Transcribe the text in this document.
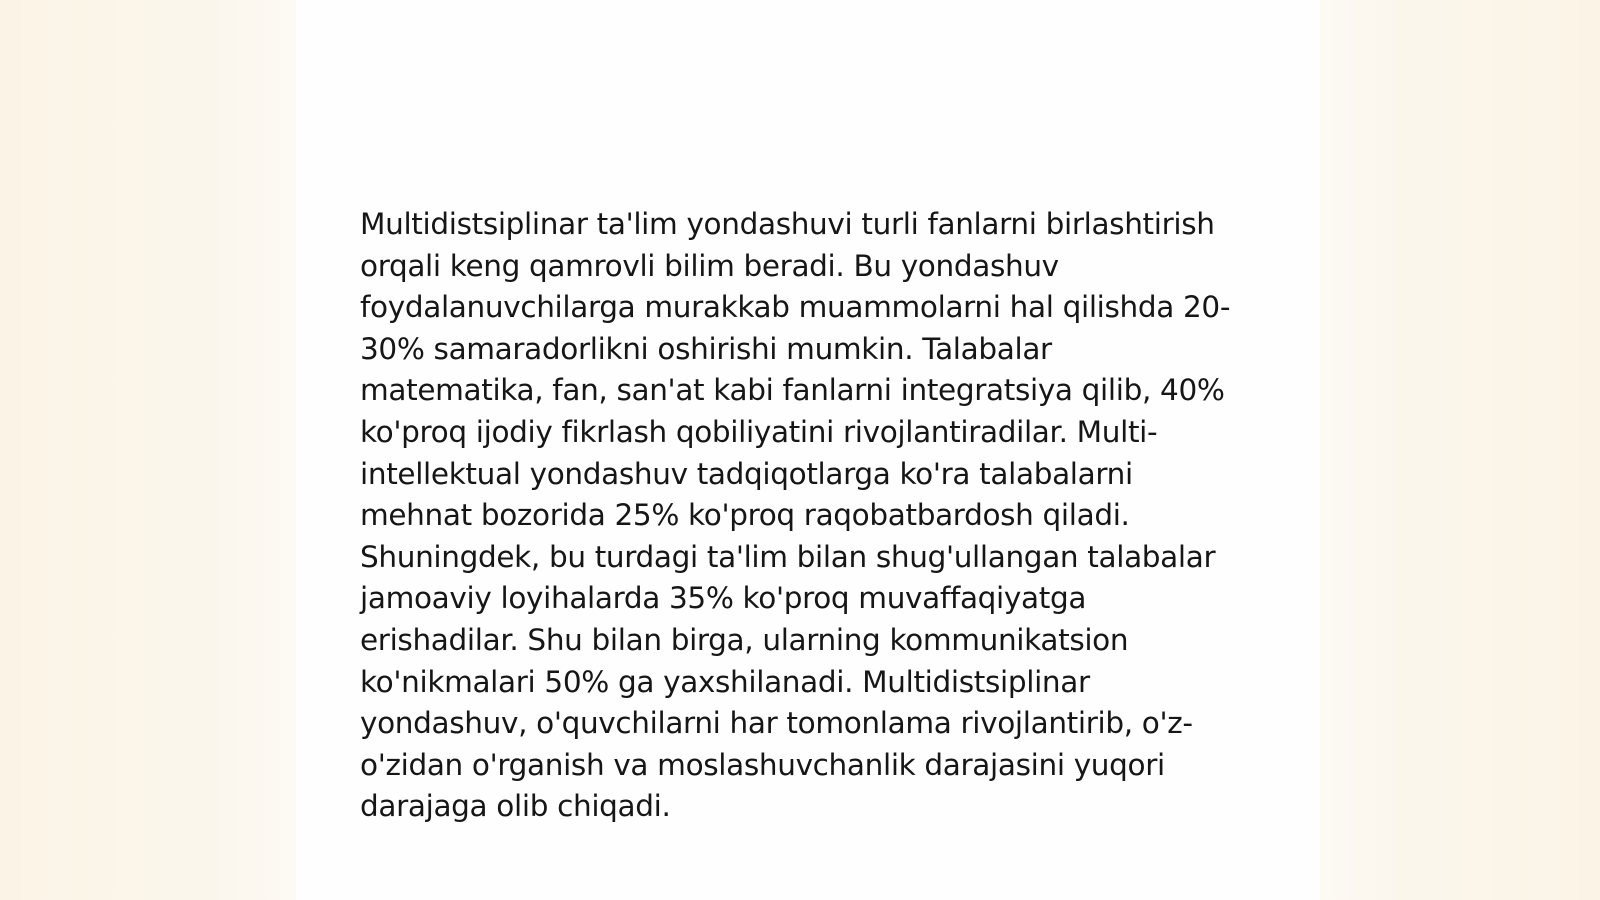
Multidistsiplinar ta'lim yondashuvi turli fanlarni birlashtirish orqali keng qamrovli bilim beradi. Bu yondashuv foydalanuvchilarga murakkab muammolarni hal qilishda 20-30% samaradorlikni oshirishi mumkin. Talabalar matematika, fan, san'at kabi fanlarni integratsiya qilib, 40% ko'proq ijodiy fikrlash qobiliyatini rivojlantiradilar. Multi-intellektual yondashuv tadqiqotlarga ko'ra talabalarni mehnat bozorida 25% ko'proq raqobatbardosh qiladi. Shuningdek, bu turdagi ta'lim bilan shug'ullangan talabalar jamoaviy loyihalarda 35% ko'proq muvaffaqiyatga erishadilar. Shu bilan birga, ularning kommunikatsion ko'nikmalari 50% ga yaxshilanadi. Multidistsiplinar yondashuv, o'quvchilarni har tomonlama rivojlantirib, o'z-o'zidan o'rganish va moslashuvchanlik darajasini yuqori darajaga olib chiqadi.
